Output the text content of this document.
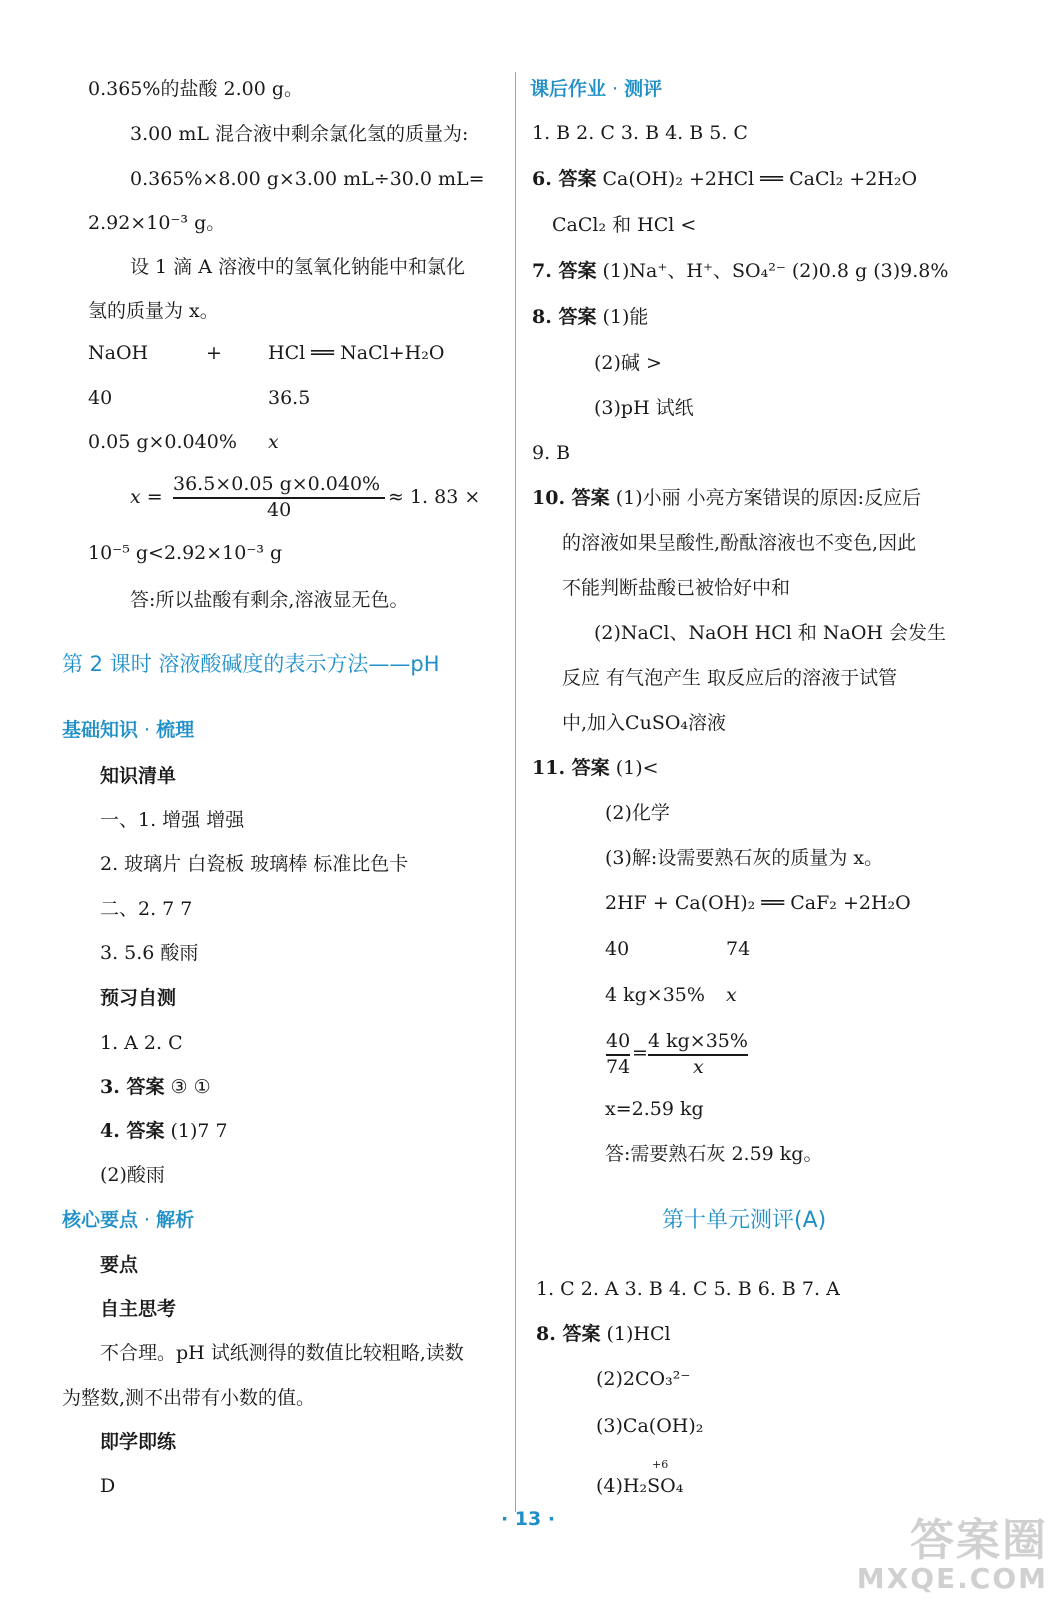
0.365%的盐酸 2.00 g。
3.00 mL 混合液中剩余氯化氢的质量为:
0.365%×8.00 g×3.00 mL÷30.0 mL=
2.92×10⁻³ g。
设 1 滴 A 溶液中的氢氧化钠能中和氯化
氢的质量为 x。
NaOH	+ HCl ══ NaCl+H₂O
40	36.5
0.05 g×0.040% x
x =
36.5×0.05 g×0.040%
40
≈ 1. 83 ×
10⁻⁵ g<2.92×10⁻³ g
答:所以盐酸有剩余,溶液显无色。
第 2 课时 溶液酸碱度的表示方法——pH
基础知识 · 梳理
知识清单
一、1. 增强 增强
2. 玻璃片 白瓷板 玻璃棒 标准比色卡
二、2. 7 7
3. 5.6 酸雨
预习自测
1. A 2. C
3. 答案 ③ ①
4. 答案 (1)7 7
(2)酸雨
核心要点 · 解析
要点
自主思考
不合理。pH 试纸测得的数值比较粗略,读数
为整数,测不出带有小数的值。
即学即练
D
课后作业 · 测评
1. B 2. C 3. B 4. B 5. C
6. 答案 Ca(OH)₂ +2HCl ══ CaCl₂ +2H₂O
CaCl₂ 和 HCl <
7. 答案 (1)Na⁺、H⁺、SO₄²⁻ (2)0.8 g (3)9.8%
8. 答案 (1)能
(2)碱 >
(3)pH 试纸
9. B
10. 答案 (1)小丽 小亮方案错误的原因:反应后
的溶液如果呈酸性,酚酞溶液也不变色,因此
不能判断盐酸已被恰好中和
(2)NaCl、NaOH HCl 和 NaOH 会发生
反应 有气泡产生 取反应后的溶液于试管
中,加入CuSO₄溶液
11. 答案 (1)<
(2)化学
(3)解:设需要熟石灰的质量为 x。
2HF + Ca(OH)₂ ══ CaF₂ +2H₂O
40	74
4 kg×35% x
40
74
=
4 kg×35%
x
x=2.59 kg
答:需要熟石灰 2.59 kg。
第十单元测评(A)
1. C 2. A 3. B 4. C 5. B 6. B 7. A
8. 答案 (1)HCl
(2)2CO₃²⁻
(3)Ca(OH)₂
+6
(4)H₂SO₄
· 13 ·	答案圈
MXQE.COM
